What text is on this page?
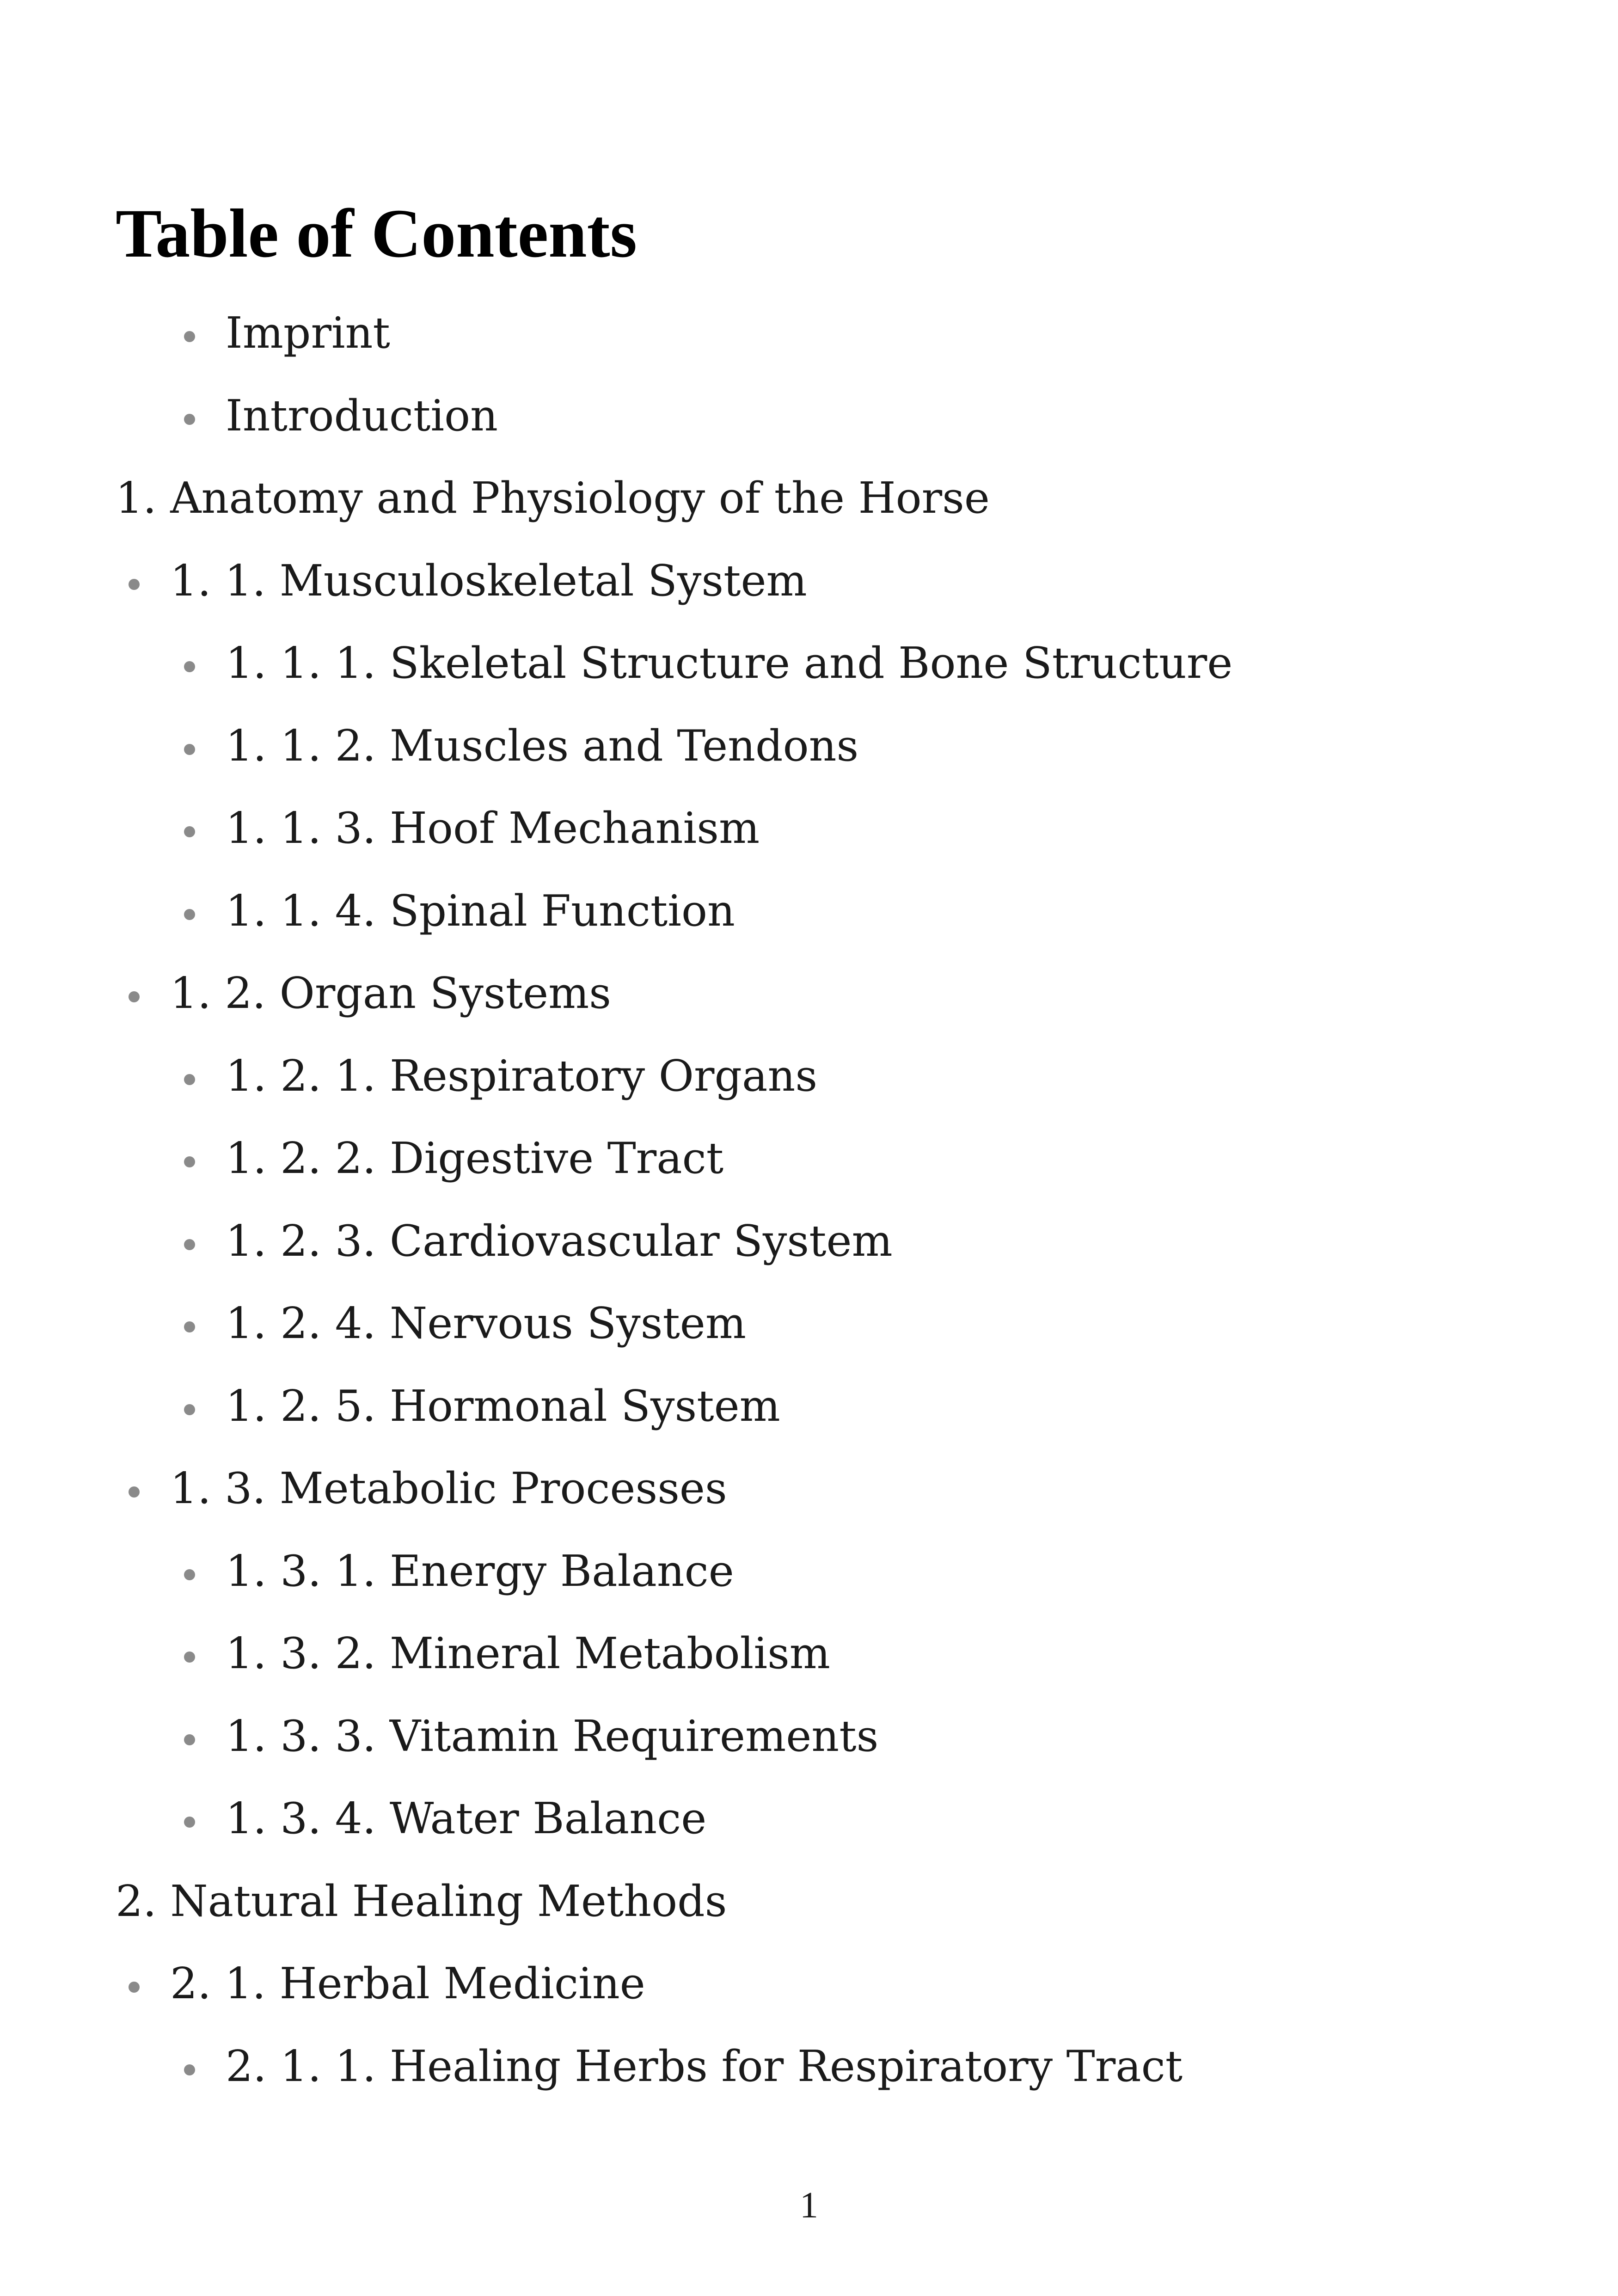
Table of Contents
Imprint
Introduction
1. Anatomy and Physiology of the Horse
1. 1. Musculoskeletal System
1. 1. 1. Skeletal Structure and Bone Structure
1. 1. 2. Muscles and Tendons
1. 1. 3. Hoof Mechanism
1. 1. 4. Spinal Function
1. 2. Organ Systems
1. 2. 1. Respiratory Organs
1. 2. 2. Digestive Tract
1. 2. 3. Cardiovascular System
1. 2. 4. Nervous System
1. 2. 5. Hormonal System
1. 3. Metabolic Processes
1. 3. 1. Energy Balance
1. 3. 2. Mineral Metabolism
1. 3. 3. Vitamin Requirements
1. 3. 4. Water Balance
2. Natural Healing Methods
2. 1. Herbal Medicine
2. 1. 1. Healing Herbs for Respiratory Tract
1
